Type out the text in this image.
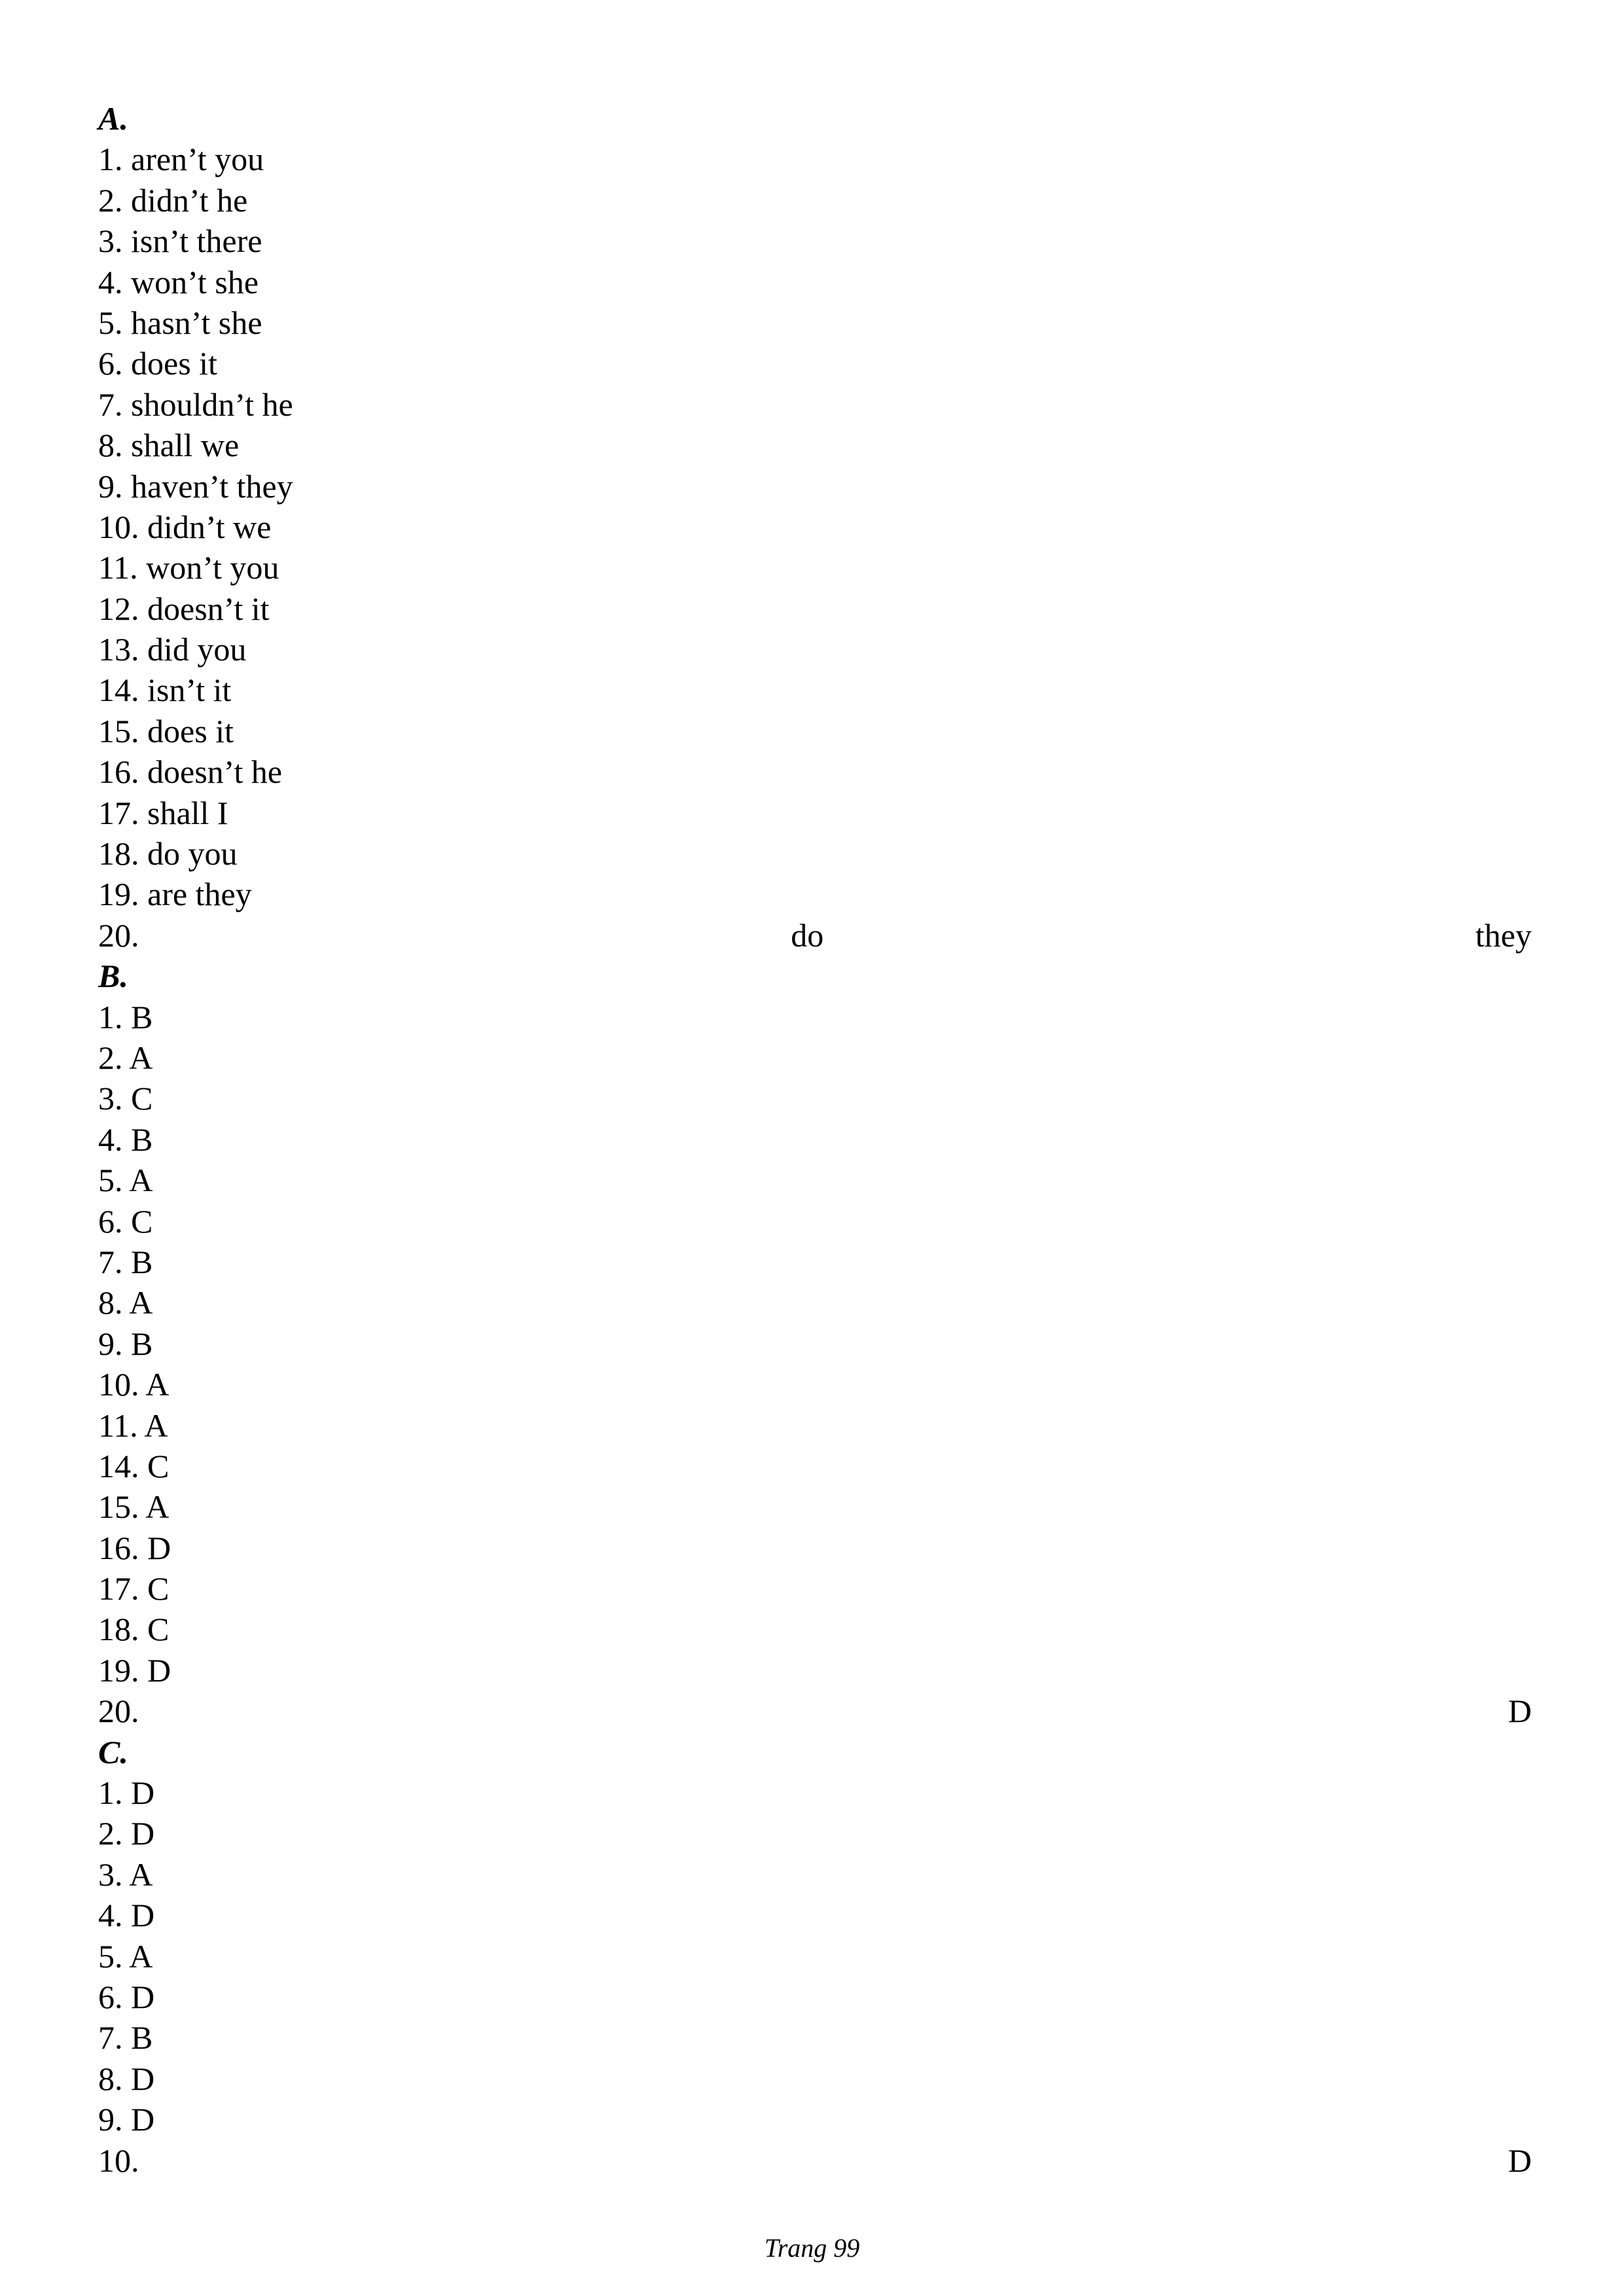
A.
1. aren’t you
2. didn’t he
3. isn’t there
4. won’t she
5. hasn’t she
6. does it
7. shouldn’t he
8. shall we
9. haven’t they
10. didn’t we
11. won’t you
12. doesn’t it
13. did you
14. isn’t it
15. does it
16. doesn’t he
17. shall I
18. do you
19. are they
20.	do	they
B.
1. B
2. A
3. C
4. B
5. A
6. C
7. B
8. A
9. B
10. A
11. A
14. C
15. A
16. D
17. C
18. C
19. D
20.	D
C.
1. D
2. D
3. A
4. D
5. A
6. D
7. B
8. D
9. D
10.	D
Trang 99
